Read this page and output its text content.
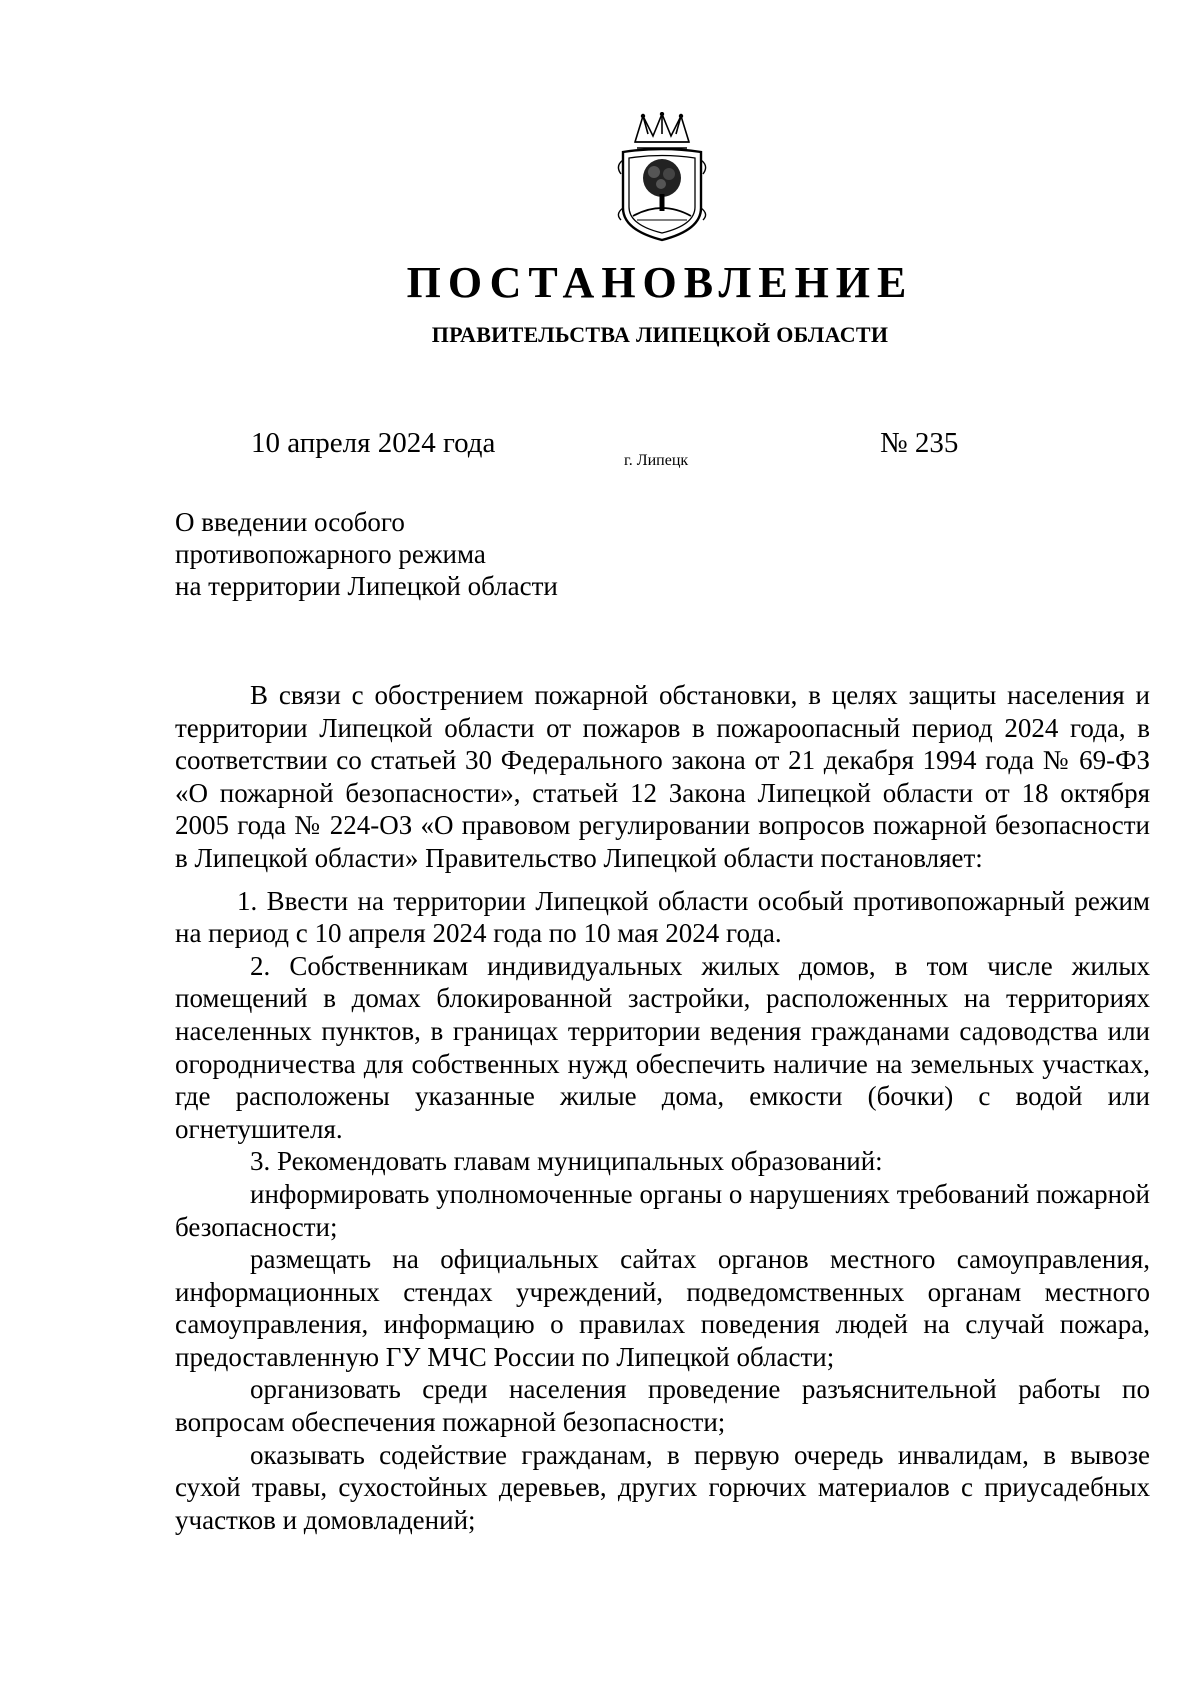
ПОСТАНОВЛЕНИЕ
ПРАВИТЕЛЬСТВА ЛИПЕЦКОЙ ОБЛАСТИ
10 апреля 2024 года
г. Липецк
№ 235
О введении особого
противопожарного режима
на территории Липецкой области

В связи с обострением пожарной обстановки, в целях защиты населения и территории Липецкой области от пожаров в пожароопасный период 2024 года, в соответствии со статьей 30 Федерального закона от 21 декабря 1994 года № 69-ФЗ «О пожарной безопасности», статьей 12 Закона Липецкой области от 18 октября 2005 года № 224-ОЗ «О правовом регулировании вопросов пожарной безопасности в Липецкой области» Правительство Липецкой области постановляет:

1. Ввести на территории Липецкой области особый противопожарный режим на период с 10 апреля 2024 года по 10 мая 2024 года.

2. Собственникам индивидуальных жилых домов, в том числе жилых помещений в домах блокированной застройки, расположенных на территориях населенных пунктов, в границах территории ведения гражданами садоводства или огородничества для собственных нужд обеспечить наличие на земельных участках, где расположены указанные жилые дома, емкости (бочки) с водой или огнетушителя.

3. Рекомендовать главам муниципальных образований:

информировать уполномоченные органы о нарушениях требований пожарной безопасности;

размещать на официальных сайтах органов местного самоуправления, информационных стендах учреждений, подведомственных органам местного самоуправления, информацию о правилах поведения людей на случай пожара, предоставленную ГУ МЧС России по Липецкой области;

организовать среди населения проведение разъяснительной работы по вопросам обеспечения пожарной безопасности;

оказывать содействие гражданам, в первую очередь инвалидам, в вывозе сухой травы, сухостойных деревьев, других горючих материалов с приусадебных участков и домовладений;
